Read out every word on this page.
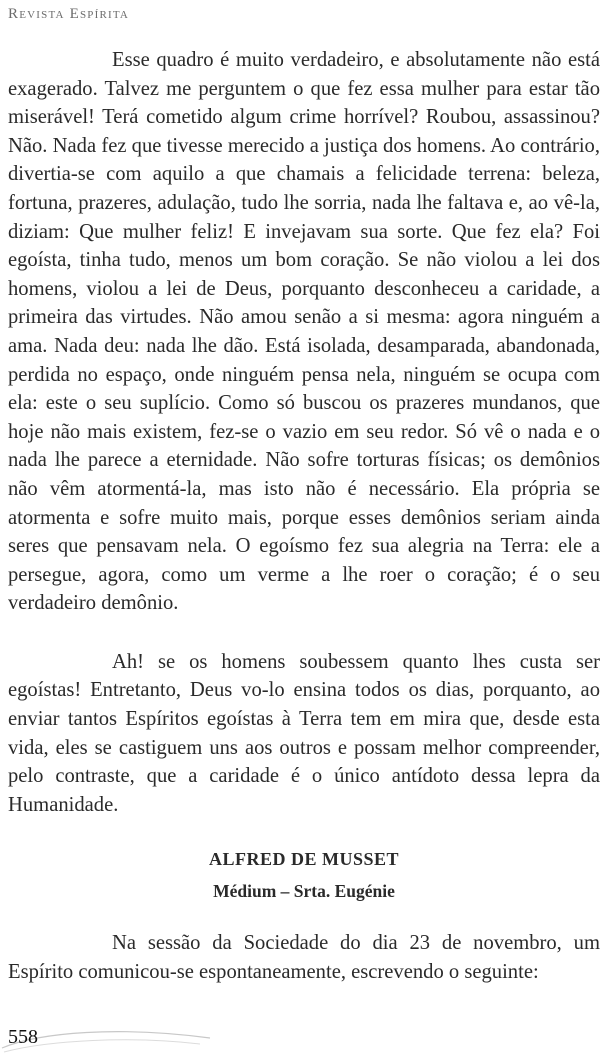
Revista Espírita

Esse quadro é muito verdadeiro, e absolutamente não está exagerado. Talvez me perguntem o que fez essa mulher para estar tão miserável! Terá cometido algum crime horrível? Roubou, assassinou? Não. Nada fez que tivesse merecido a justiça dos homens. Ao contrário, divertia-se com aquilo a que chamais a felicidade terrena: beleza, fortuna, prazeres, adulação, tudo lhe sorria, nada lhe faltava e, ao vê-la, diziam: Que mulher feliz! E invejavam sua sorte. Que fez ela? Foi egoísta, tinha tudo, menos um bom coração. Se não violou a lei dos homens, violou a lei de Deus, porquanto desconheceu a caridade, a primeira das virtudes. Não amou senão a si mesma: agora ninguém a ama. Nada deu: nada lhe dão. Está isolada, desamparada, abandonada, perdida no espaço, onde ninguém pensa nela, ninguém se ocupa com ela: este o seu suplício. Como só buscou os prazeres mundanos, que hoje não mais existem, fez-se o vazio em seu redor. Só vê o nada e o nada lhe parece a eternidade. Não sofre torturas físicas; os demônios não vêm atormentá-la, mas isto não é necessário. Ela própria se atormenta e sofre muito mais, porque esses demônios seriam ainda seres que pensavam nela. O egoísmo fez sua alegria na Terra: ele a persegue, agora, como um verme a lhe roer o coração; é o seu verdadeiro demônio.

Ah! se os homens soubessem quanto lhes custa ser egoístas! Entretanto, Deus vo-lo ensina todos os dias, porquanto, ao enviar tantos Espíritos egoístas à Terra tem em mira que, desde esta vida, eles se castiguem uns aos outros e possam melhor compreender, pelo contraste, que a caridade é o único antídoto dessa lepra da Humanidade.

ALFRED DE MUSSET
Médium – Srta. Eugénie

Na sessão da Sociedade do dia 23 de novembro, um Espírito comunicou-se espontaneamente, escrevendo o seguinte:

558
